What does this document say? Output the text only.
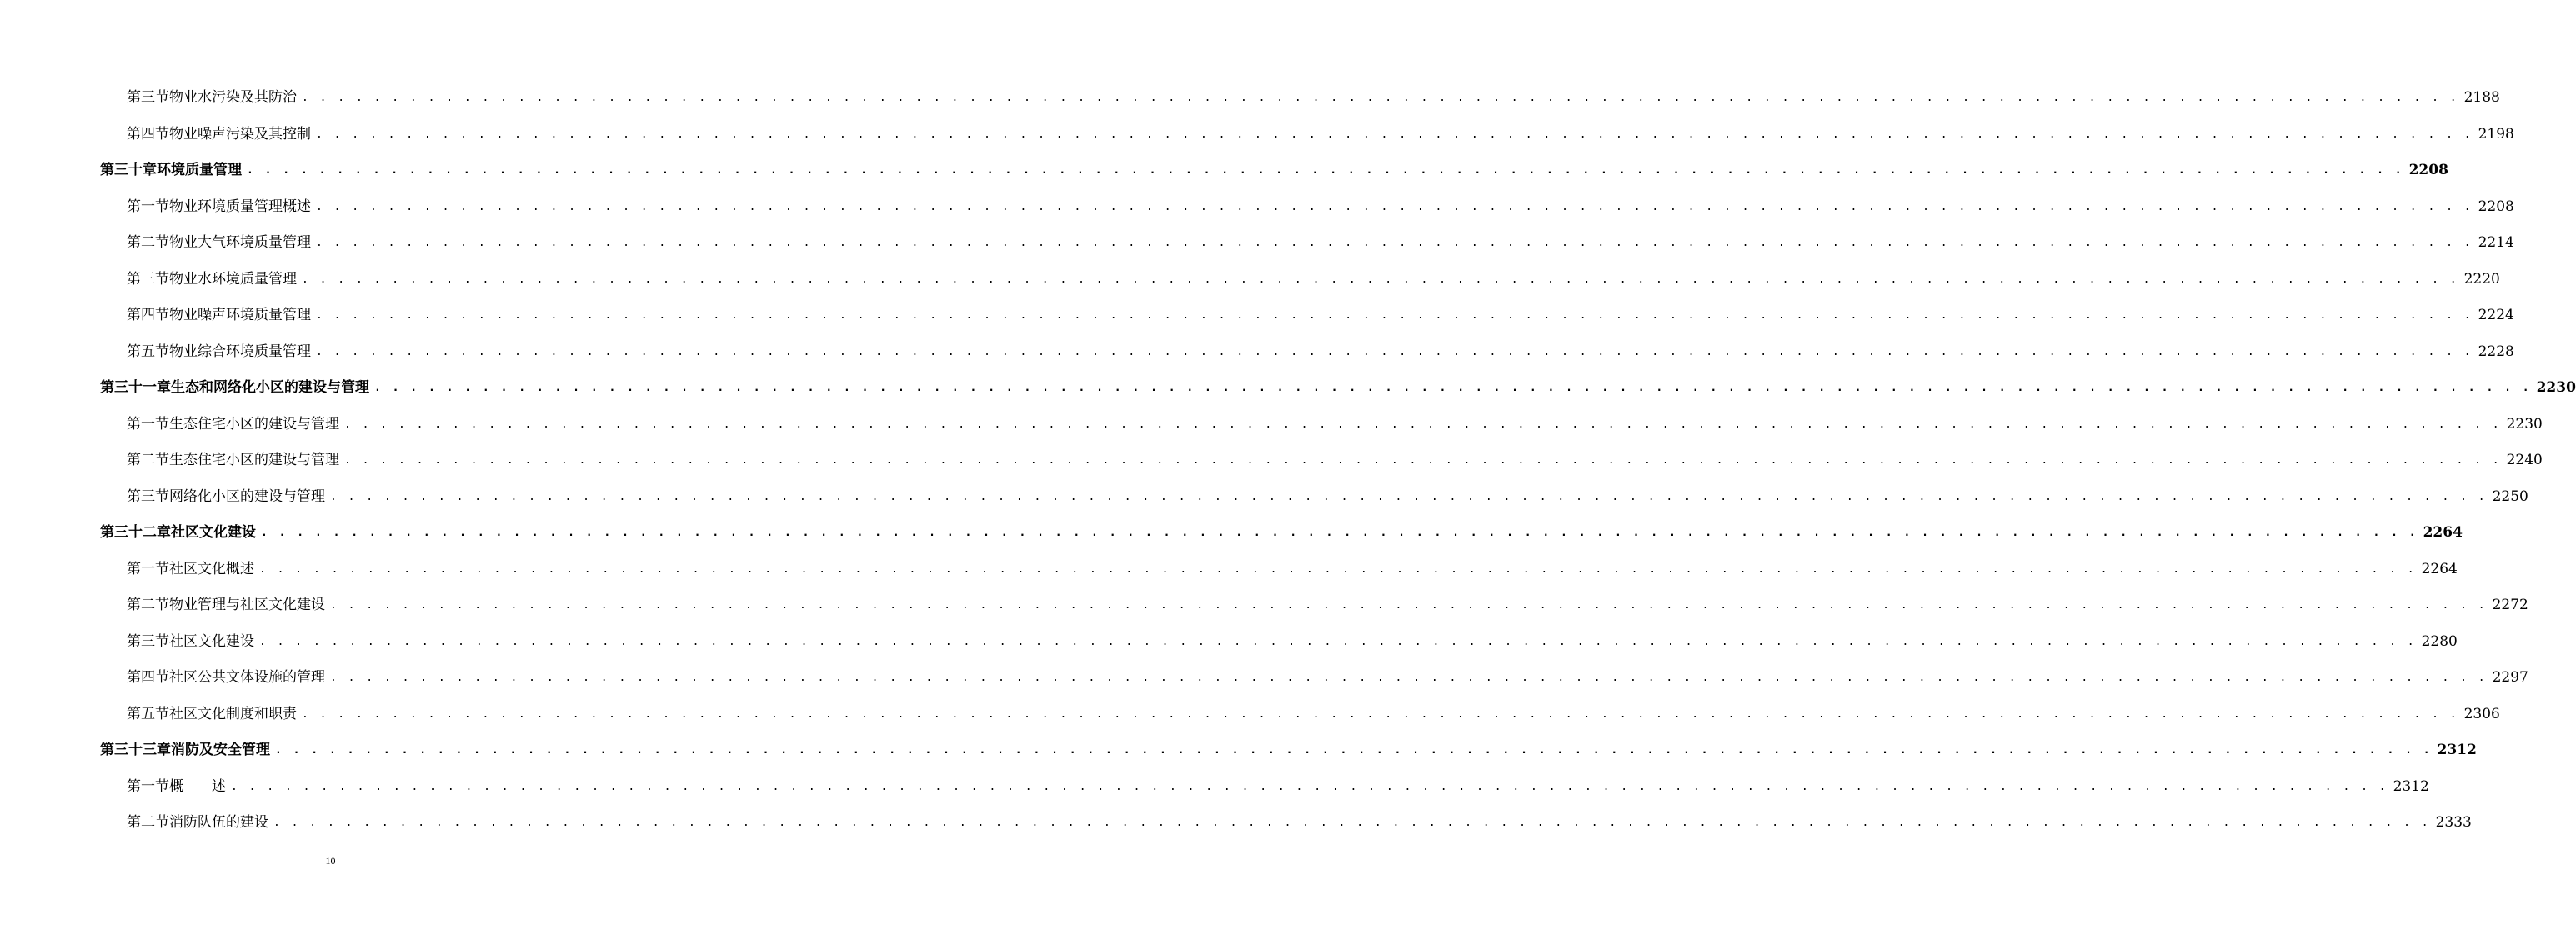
第三节 物业水污染及其防治 . . . . . . . . . . . . . . . . . . . . . . . . . . . . . . . . . . . . . . . . . . . . . . . . . . . . . . . . . . . . . . . . . . . . . . . . . . . . . . . . . . . . . . . . . . . . . . . . . . . . . . . . . . . . . . . . . . . . . . . . 2188
第四节 物业噪声污染及其控制 . . . . . . . . . . . . . . . . . . . . . . . . . . . . . . . . . . . . . . . . . . . . . . . . . . . . . . . . . . . . . . . . . . . . . . . . . . . . . . . . . . . . . . . . . . . . . . . . . . . . . . . . . . . . . . . . . . . . . . . . 2198
第三十章 环境质量管理 . . . . . . . . . . . . . . . . . . . . . . . . . . . . . . . . . . . . . . . . . . . . . . . . . . . . . . . . . . . . . . . . . . . . . . . . . . . . . . . . . . . . . . . . . . . . . . . . . . . . . . . . . . . . . . . . . . . . . . . . 2208
第一节 物业环境质量管理概述 . . . . . . . . . . . . . . . . . . . . . . . . . . . . . . . . . . . . . . . . . . . . . . . . . . . . . . . . . . . . . . . . . . . . . . . . . . . . . . . . . . . . . . . . . . . . . . . . . . . . . . . . . . . . . . . . . . . . . . . . 2208
第二节 物业大气环境质量管理 . . . . . . . . . . . . . . . . . . . . . . . . . . . . . . . . . . . . . . . . . . . . . . . . . . . . . . . . . . . . . . . . . . . . . . . . . . . . . . . . . . . . . . . . . . . . . . . . . . . . . . . . . . . . . . . . . . . . . . . . 2214
第三节 物业水环境质量管理 . . . . . . . . . . . . . . . . . . . . . . . . . . . . . . . . . . . . . . . . . . . . . . . . . . . . . . . . . . . . . . . . . . . . . . . . . . . . . . . . . . . . . . . . . . . . . . . . . . . . . . . . . . . . . . . . . . . . . . . . 2220
第四节 物业噪声环境质量管理 . . . . . . . . . . . . . . . . . . . . . . . . . . . . . . . . . . . . . . . . . . . . . . . . . . . . . . . . . . . . . . . . . . . . . . . . . . . . . . . . . . . . . . . . . . . . . . . . . . . . . . . . . . . . . . . . . . . . . . . . 2224
第五节 物业综合环境质量管理 . . . . . . . . . . . . . . . . . . . . . . . . . . . . . . . . . . . . . . . . . . . . . . . . . . . . . . . . . . . . . . . . . . . . . . . . . . . . . . . . . . . . . . . . . . . . . . . . . . . . . . . . . . . . . . . . . . . . . . . . 2228
第三十一章 生态和网络化小区的建设与管理 . . . . . . . . . . . . . . . . . . . . . . . . . . . . . . . . . . . . . . . . . . . . . . . . . . . . . . . . . . . . . . . . . . . . . . . . . . . . . . . . . . . . . . . . . . . . . . . . . . . . . . . . . . . . . . . . . . . . . . . . 2230
第一节 生态住宅小区的建设与管理 . . . . . . . . . . . . . . . . . . . . . . . . . . . . . . . . . . . . . . . . . . . . . . . . . . . . . . . . . . . . . . . . . . . . . . . . . . . . . . . . . . . . . . . . . . . . . . . . . . . . . . . . . . . . . . . . . . . . . . . . 2230
第二节 生态住宅小区的建设与管理 . . . . . . . . . . . . . . . . . . . . . . . . . . . . . . . . . . . . . . . . . . . . . . . . . . . . . . . . . . . . . . . . . . . . . . . . . . . . . . . . . . . . . . . . . . . . . . . . . . . . . . . . . . . . . . . . . . . . . . . . 2240
第三节 网络化小区的建设与管理 . . . . . . . . . . . . . . . . . . . . . . . . . . . . . . . . . . . . . . . . . . . . . . . . . . . . . . . . . . . . . . . . . . . . . . . . . . . . . . . . . . . . . . . . . . . . . . . . . . . . . . . . . . . . . . . . . . . . . . . . 2250
第三十二章 社区文化建设 . . . . . . . . . . . . . . . . . . . . . . . . . . . . . . . . . . . . . . . . . . . . . . . . . . . . . . . . . . . . . . . . . . . . . . . . . . . . . . . . . . . . . . . . . . . . . . . . . . . . . . . . . . . . . . . . . . . . . . . . 2264
第一节 社区文化概述 . . . . . . . . . . . . . . . . . . . . . . . . . . . . . . . . . . . . . . . . . . . . . . . . . . . . . . . . . . . . . . . . . . . . . . . . . . . . . . . . . . . . . . . . . . . . . . . . . . . . . . . . . . . . . . . . . . . . . . . . 2264
第二节 物业管理与社区文化建设 . . . . . . . . . . . . . . . . . . . . . . . . . . . . . . . . . . . . . . . . . . . . . . . . . . . . . . . . . . . . . . . . . . . . . . . . . . . . . . . . . . . . . . . . . . . . . . . . . . . . . . . . . . . . . . . . . . . . . . . . 2272
第三节 社区文化建设 . . . . . . . . . . . . . . . . . . . . . . . . . . . . . . . . . . . . . . . . . . . . . . . . . . . . . . . . . . . . . . . . . . . . . . . . . . . . . . . . . . . . . . . . . . . . . . . . . . . . . . . . . . . . . . . . . . . . . . . . 2280
第四节 社区公共文体设施的管理 . . . . . . . . . . . . . . . . . . . . . . . . . . . . . . . . . . . . . . . . . . . . . . . . . . . . . . . . . . . . . . . . . . . . . . . . . . . . . . . . . . . . . . . . . . . . . . . . . . . . . . . . . . . . . . . . . . . . . . . . 2297
第五节 社区文化制度和职责 . . . . . . . . . . . . . . . . . . . . . . . . . . . . . . . . . . . . . . . . . . . . . . . . . . . . . . . . . . . . . . . . . . . . . . . . . . . . . . . . . . . . . . . . . . . . . . . . . . . . . . . . . . . . . . . . . . . . . . . . 2306
第三十三章 消防及安全管理 . . . . . . . . . . . . . . . . . . . . . . . . . . . . . . . . . . . . . . . . . . . . . . . . . . . . . . . . . . . . . . . . . . . . . . . . . . . . . . . . . . . . . . . . . . . . . . . . . . . . . . . . . . . . . . . . . . . . . . . . 2312
第一节 概　　述 . . . . . . . . . . . . . . . . . . . . . . . . . . . . . . . . . . . . . . . . . . . . . . . . . . . . . . . . . . . . . . . . . . . . . . . . . . . . . . . . . . . . . . . . . . . . . . . . . . . . . . . . . . . . . . . . . . . . . . . . 2312
第二节 消防队伍的建设 . . . . . . . . . . . . . . . . . . . . . . . . . . . . . . . . . . . . . . . . . . . . . . . . . . . . . . . . . . . . . . . . . . . . . . . . . . . . . . . . . . . . . . . . . . . . . . . . . . . . . . . . . . . . . . . . . . . . . . . . 2333
10
